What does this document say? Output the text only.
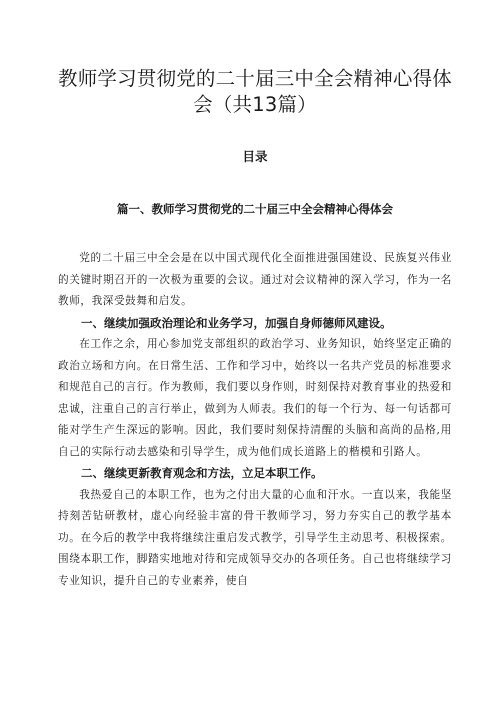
教师学习贯彻党的二十届三中全会精神心得体会（共13篇）
目录
篇一、教师学习贯彻党的二十届三中全会精神心得体会

党的二十届三中全会是在以中国式现代化全面推进强国建设、民族复兴伟业的关键时期召开的一次极为重要的会议。通过对会议精神的深入学习，作为一名教师，我深受鼓舞和启发。

一、继续加强政治理论和业务学习，加强自身师德师风建设。

在工作之余，用心参加党支部组织的政治学习、业务知识，始终坚定正确的政治立场和方向。在日常生活、工作和学习中，始终以一名共产党员的标准要求和规范自己的言行。作为教师，我们要以身作则，时刻保持对教育事业的热爱和忠诚，注重自己的言行举止，做到为人师表。我们的每一个行为、每一句话都可能对学生产生深远的影响。因此，我们要时刻保持清醒的头脑和高尚的品格,用自己的实际行动去感染和引导学生，成为他们成长道路上的楷模和引路人。

二、继续更新教育观念和方法，立足本职工作。

我热爱自己的本职工作，也为之付出大量的心血和汗水。一直以来，我能坚持刻苦钻研教材，虚心向经验丰富的骨干教师学习，努力夯实自己的教学基本功。在今后的教学中我将继续注重启发式教学，引导学生主动思考、积极探索。围绕本职工作，脚踏实地地对待和完成领导交办的各项任务。自己也将继续学习专业知识，提升自己的专业素养，使自
